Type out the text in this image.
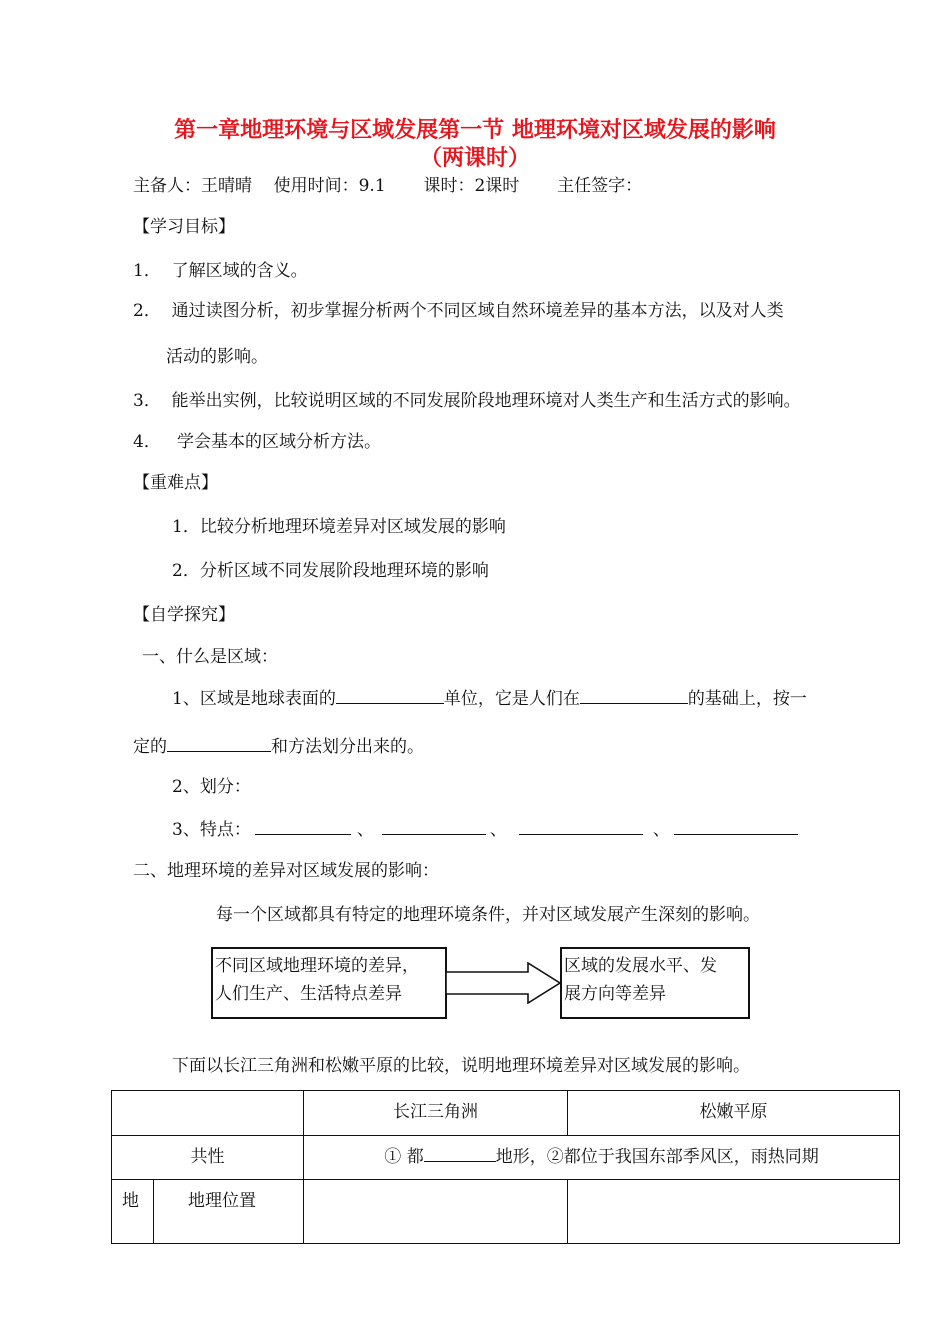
第一章地理环境与区域发展第一节 地理环境对区域发展的影响
（两课时）
主备人：王晴晴    使用时间：9.1       课时：2课时       主任签字：
【学习目标】
1．  了解区域的含义。
2．  通过读图分析，初步掌握分析两个不同区域自然环境差异的基本方法，以及对人类
活动的影响。
3．  能举出实例，比较说明区域的不同发展阶段地理环境对人类生产和生活方式的影响。
4．   学会基本的区域分析方法。
【重难点】
1．比较分析地理环境差异对区域发展的影响
2．分析区域不同发展阶段地理环境的影响
【自学探究】
一、什么是区域：
1、区域是地球表面的	单位，它是人们在	的基础上，按一
定的	和方法划分出来的。
2、划分：
3、特点：	、	、	、
二、地理环境的差异对区域发展的影响：
每一个区域都具有特定的地理环境条件，并对区域发展产生深刻的影响。
不同区域地理环境的差异，
人们生产、生活特点差异
区域的发展水平、发
展方向等差异
下面以长江三角洲和松嫩平原的比较，说明地理环境差异对区域发展的影响。
		长江三角洲	松嫩平原
共性		① 都 地形，②都位于我国东部季风区，雨热同期	
地	地理位置		
